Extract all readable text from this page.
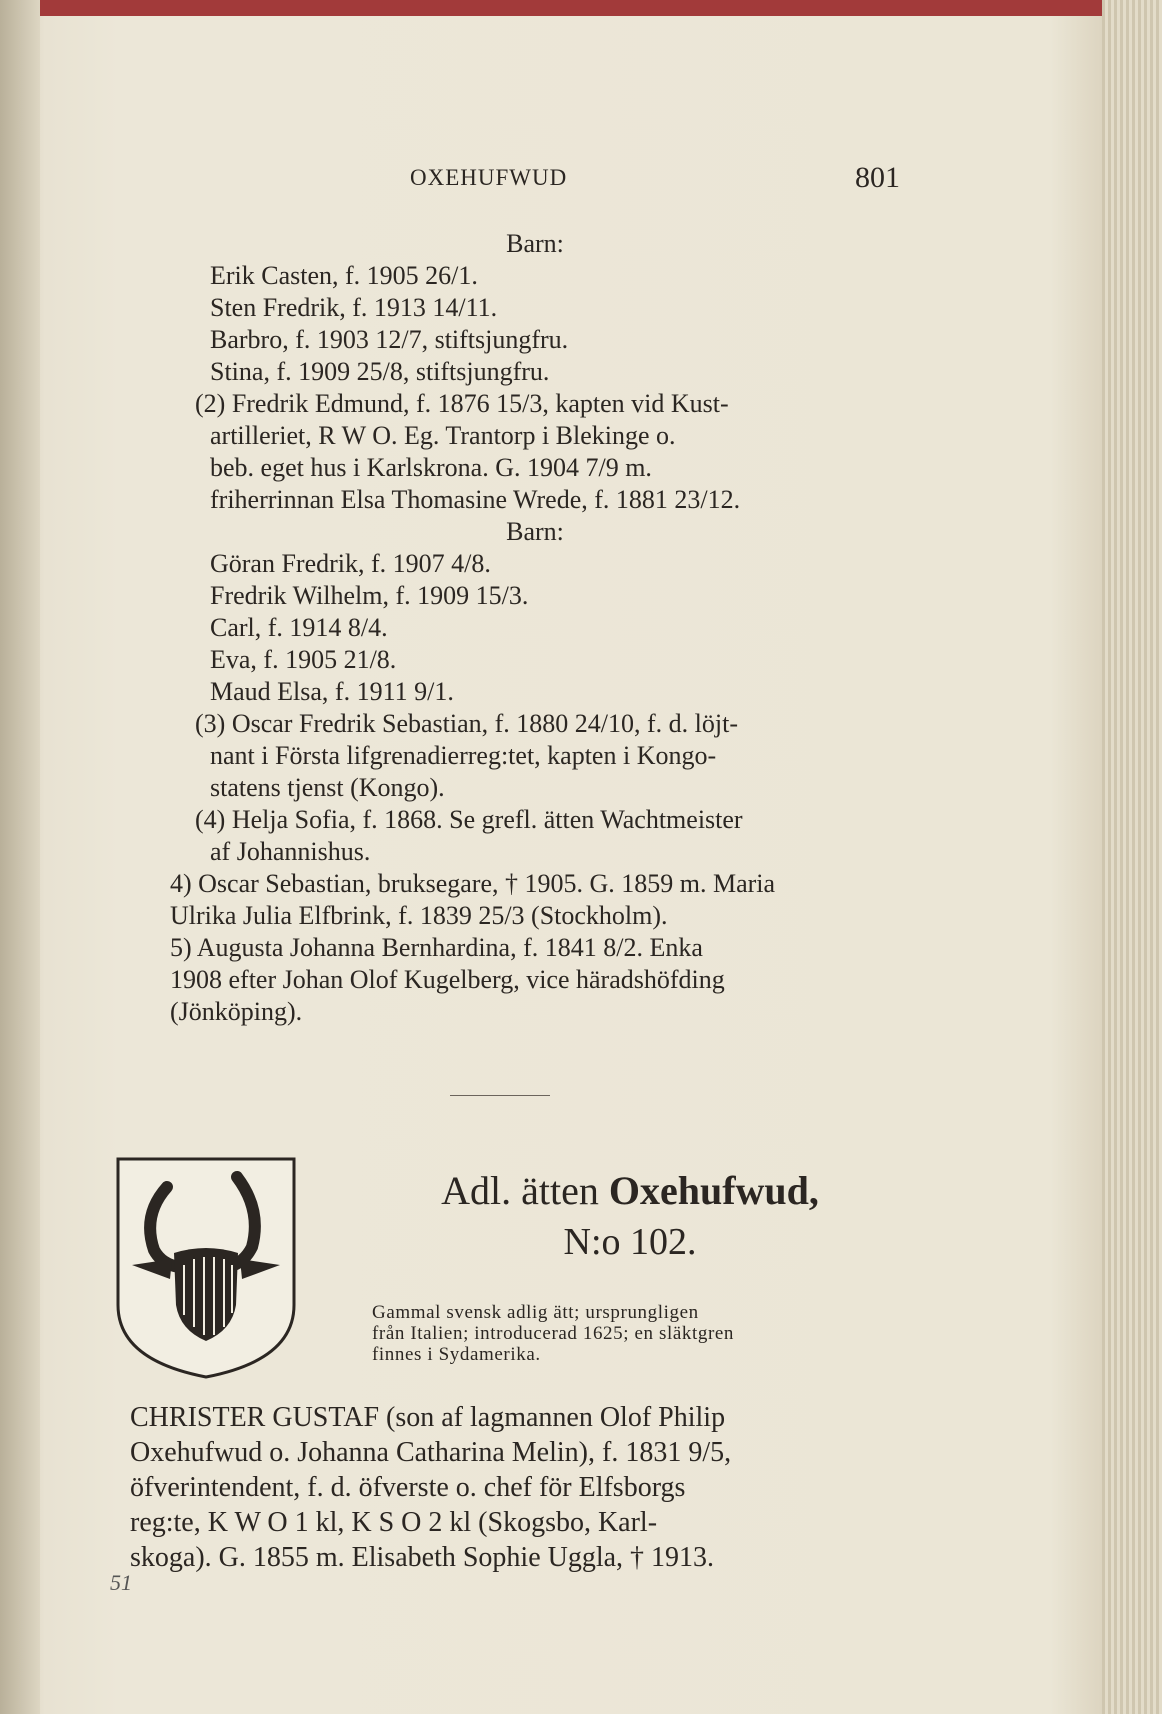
OXEHUFWUD	801
Barn:
Erik Casten, f. 1905 26/1.
Sten Fredrik, f. 1913 14/11.
Barbro, f. 1903 12/7, stiftsjungfru.
Stina, f. 1909 25/8, stiftsjungfru.
(2) Fredrik Edmund, f. 1876 15/3, kapten vid Kust-
artilleriet, R W O. Eg. Trantorp i Blekinge o.
beb. eget hus i Karlskrona. G. 1904 7/9 m.
friherrinnan Elsa Thomasine Wrede, f. 1881 23/12.
Barn:
Göran Fredrik, f. 1907 4/8.
Fredrik Wilhelm, f. 1909 15/3.
Carl, f. 1914 8/4.
Eva, f. 1905 21/8.
Maud Elsa, f. 1911 9/1.
(3) Oscar Fredrik Sebastian, f. 1880 24/10, f. d. löjt-
nant i Första lifgrenadierreg:tet, kapten i Kongo-
statens tjenst (Kongo).
(4) Helja Sofia, f. 1868. Se grefl. ätten Wachtmeister
af Johannishus.
4) Oscar Sebastian, bruksegare, † 1905. G. 1859 m. Maria
Ulrika Julia Elfbrink, f. 1839 25/3 (Stockholm).
5) Augusta Johanna Bernhardina, f. 1841 8/2. Enka
1908 efter Johan Olof Kugelberg, vice häradshöfding
(Jönköping).
Adl. ätten Oxehufwud,
N:o 102.
Gammal svensk adlig ätt; ursprungligen
från Italien; introducerad 1625; en släktgren
finnes i Sydamerika.
CHRISTER GUSTAF (son af lagmannen Olof Philip
Oxehufwud o. Johanna Catharina Melin), f. 1831 9/5,
öfverintendent, f. d. öfverste o. chef för Elfsborgs
reg:te, K W O 1 kl, K S O 2 kl (Skogsbo, Karl-
skoga). G. 1855 m. Elisabeth Sophie Uggla, † 1913.
51
